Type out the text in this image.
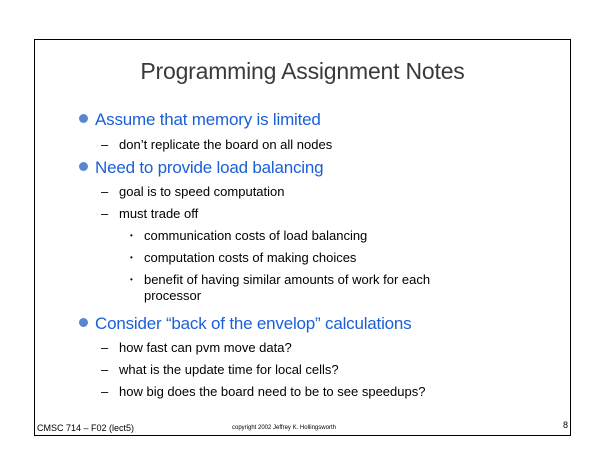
Programming Assignment Notes
Assume that memory is limited
– don’t replicate the board on all nodes
Need to provide load balancing
– goal is to speed computation
– must trade off
• communication costs of load balancing
• computation costs of making choices
• benefit of having similar amounts of work for each processor
Consider “back of the envelop” calculations
– how fast can pvm move data?
– what is the update time for local cells?
– how big does the board need to be to see speedups?
CMSC 714 – F02 (lect5)	copyright 2002 Jeffrey K. Hollingsworth	8
